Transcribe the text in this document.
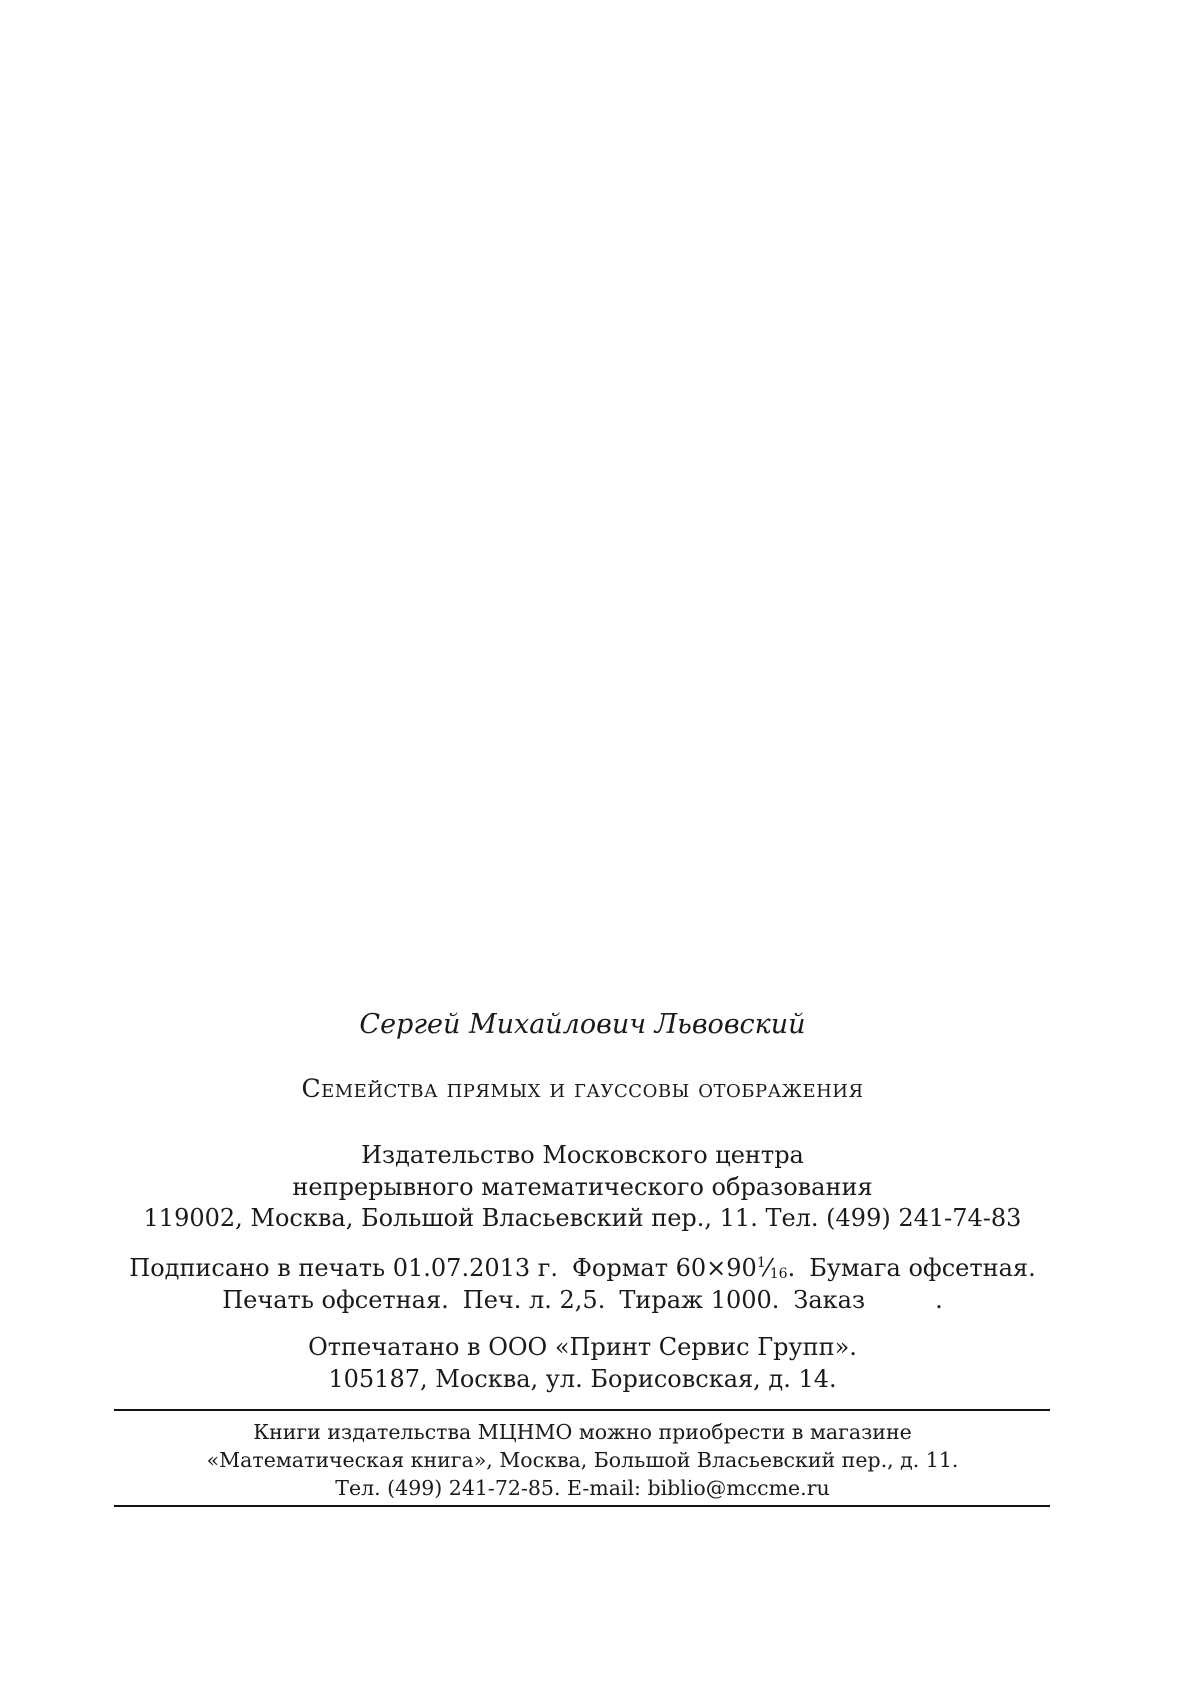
Сергей Михайлович Львовский
Семейства прямых и гауссовы отображения
Издательство Московского центра
непрерывного математического образования
119002, Москва, Большой Власьевский пер., 11. Тел. (499) 241-74-83
Подписано в печать 01.07.2013 г. Формат $60\times 90^1⁄_{16}$. Бумага офсетная.
Печать офсетная. Печ. л. 2,5. Тираж 1000. Заказ	.
Отпечатано в ООО «Принт Сервис Групп».
105187, Москва, ул. Борисовская, д. 14.
Книги издательства МЦНМО можно приобрести в магазине
«Математическая книга», Москва, Большой Власьевский пер., д. 11.
Тел. (499) 241-72-85. E-mail: biblio@mccme.ru
